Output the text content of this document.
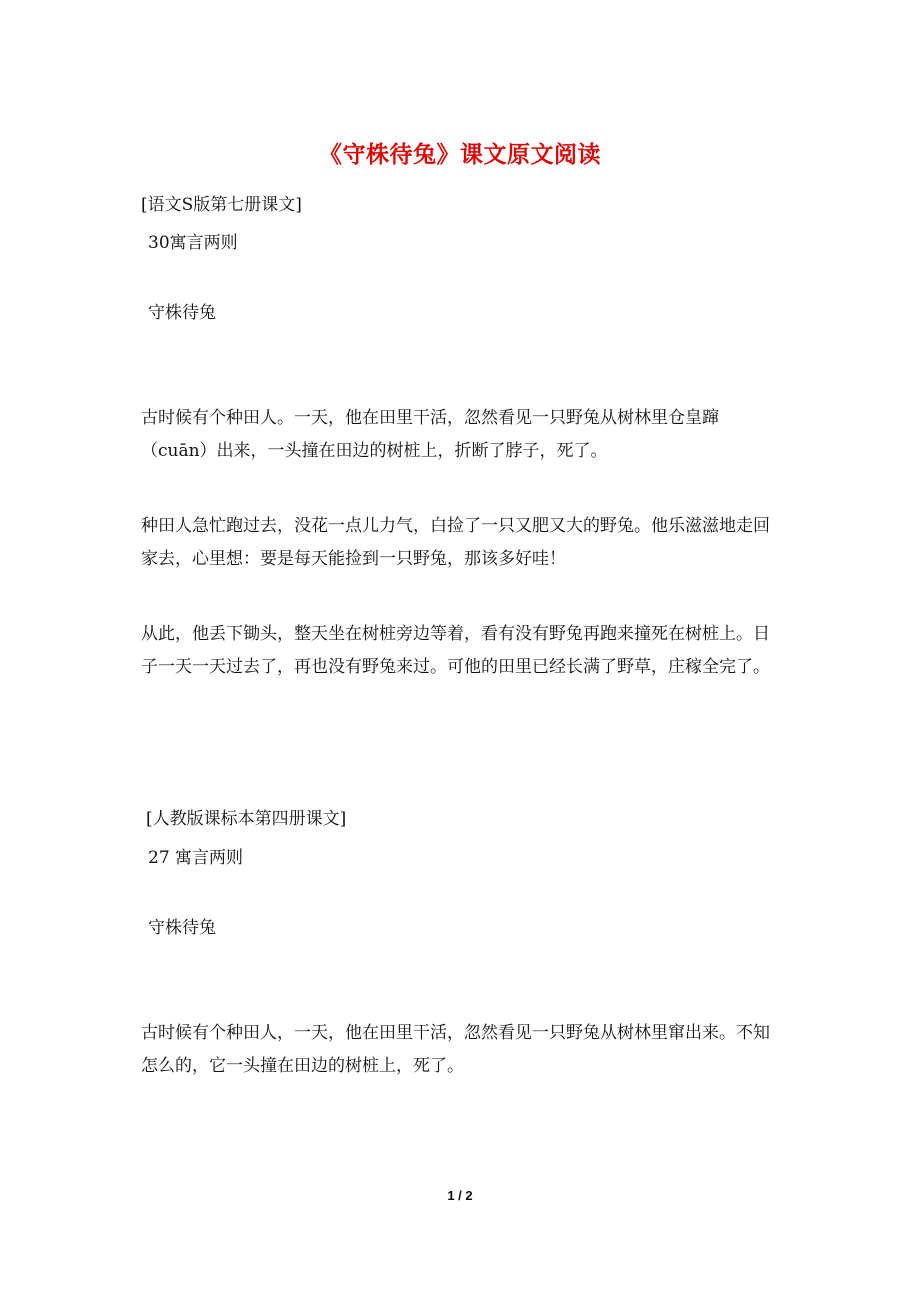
《守株待兔》课文原文阅读
[语文S版第七册课文]
30寓言两则
守株待兔
古时候有个种田人。一天，他在田里干活，忽然看见一只野兔从树林里仓皇蹿（cuān）出来，一头撞在田边的树桩上，折断了脖子，死了。
种田人急忙跑过去，没花一点儿力气，白捡了一只又肥又大的野兔。他乐滋滋地走回家去，心里想：要是每天能捡到一只野兔，那该多好哇！
从此，他丢下锄头，整天坐在树桩旁边等着，看有没有野兔再跑来撞死在树桩上。日子一天一天过去了，再也没有野兔来过。可他的田里已经长满了野草，庄稼全完了。
[人教版课标本第四册课文]
27 寓言两则
守株待兔
古时候有个种田人，一天，他在田里干活，忽然看见一只野兔从树林里窜出来。不知怎么的，它一头撞在田边的树桩上，死了。
1 / 2
